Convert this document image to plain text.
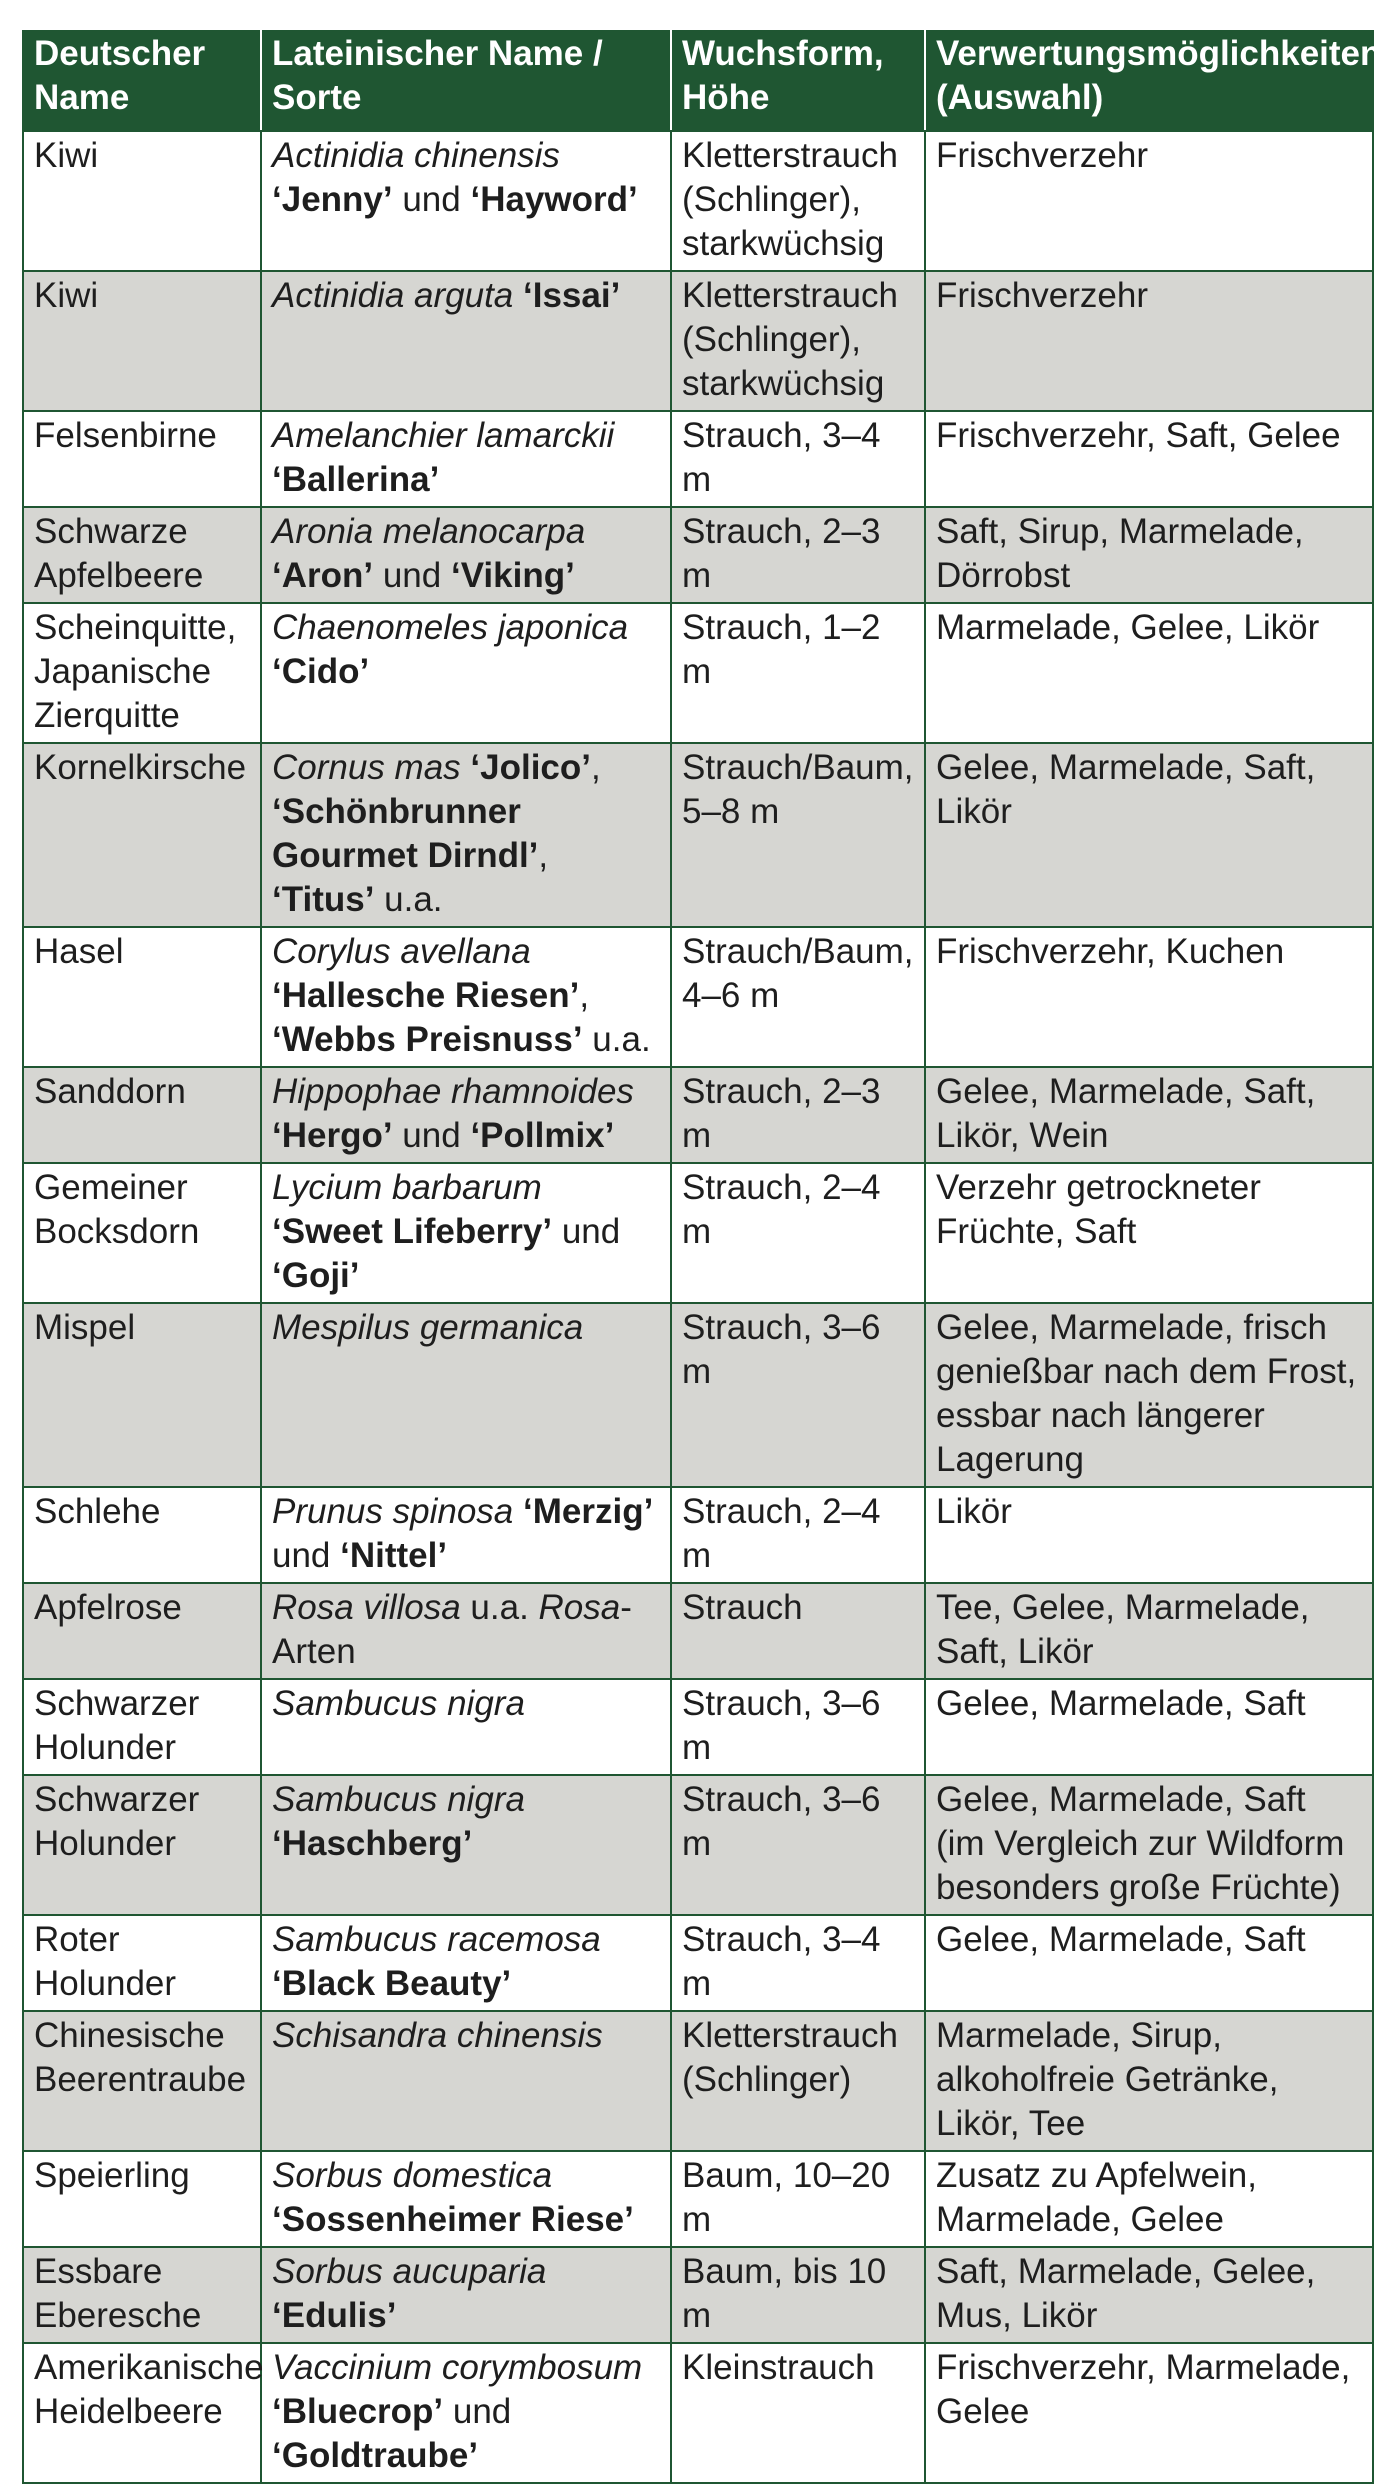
Deutscher Name	Lateinischer Name / Sorte	Wuchsform, Höhe	Verwertungsmöglichkeiten (Auswahl)
Kiwi	Actinidia chinensis ‘Jenny’ und ‘Hayword’	Kletterstrauch (Schlinger), starkwüchsig	Frischverzehr
Kiwi	Actinidia arguta ‘Issai’	Kletterstrauch (Schlinger), starkwüchsig	Frischverzehr
Felsenbirne	Amelanchier lamarckii ‘Ballerina’	Strauch, 3–4 m	Frischverzehr, Saft, Gelee
Schwarze Apfelbeere	Aronia melanocarpa ‘Aron’ und ‘Viking’	Strauch, 2–3 m	Saft, Sirup, Marmelade, Dörrobst
Scheinquitte, Japanische Zierquitte	Chaenomeles japonica ‘Cido’	Strauch, 1–2 m	Marmelade, Gelee, Likör
Kornelkirsche	Cornus mas ‘Jolico’, ‘Schönbrunner Gourmet Dirndl’, ‘Titus’ u.a.	Strauch/Baum, 5–8 m	Gelee, Marmelade, Saft, Likör
Hasel	Corylus avellana ‘Hallesche Riesen’, ‘Webbs Preisnuss’ u.a.	Strauch/Baum, 4–6 m	Frischverzehr, Kuchen
Sanddorn	Hippophae rhamnoides ‘Hergo’ und ‘Pollmix’	Strauch, 2–3 m	Gelee, Marmelade, Saft, Likör, Wein
Gemeiner Bocksdorn	Lycium barbarum ‘Sweet Lifeberry’ und ‘Goji’	Strauch, 2–4 m	Verzehr getrockneter Früchte, Saft
Mispel	Mespilus germanica	Strauch, 3–6 m	Gelee, Marmelade, frisch genießbar nach dem Frost, essbar nach längerer Lagerung
Schlehe	Prunus spinosa ‘Merzig’ und ‘Nittel’	Strauch, 2–4 m	Likör
Apfelrose	Rosa villosa u.a. Rosa-Arten	Strauch	Tee, Gelee, Marmelade, Saft, Likör
Schwarzer Holunder	Sambucus nigra	Strauch, 3–6 m	Gelee, Marmelade, Saft
Schwarzer Holunder	Sambucus nigra ‘Haschberg’	Strauch, 3–6 m	Gelee, Marmelade, Saft (im Vergleich zur Wildform besonders große Früchte)
Roter Holunder	Sambucus racemosa ‘Black Beauty’	Strauch, 3–4 m	Gelee, Marmelade, Saft
Chinesische Beerentraube	Schisandra chinensis	Kletterstrauch (Schlinger)	Marmelade, Sirup, alkoholfreie Getränke, Likör, Tee
Speierling	Sorbus domestica ‘Sossenheimer Riese’	Baum, 10–20 m	Zusatz zu Apfelwein, Marmelade, Gelee
Essbare Eberesche	Sorbus aucuparia ‘Edulis’	Baum, bis 10 m	Saft, Marmelade, Gelee, Mus, Likör
Amerikanische Heidelbeere	Vaccinium corymbosum ‘Bluecrop’ und ‘Goldtraube’	Kleinstrauch	Frischverzehr, Marmelade, Gelee
